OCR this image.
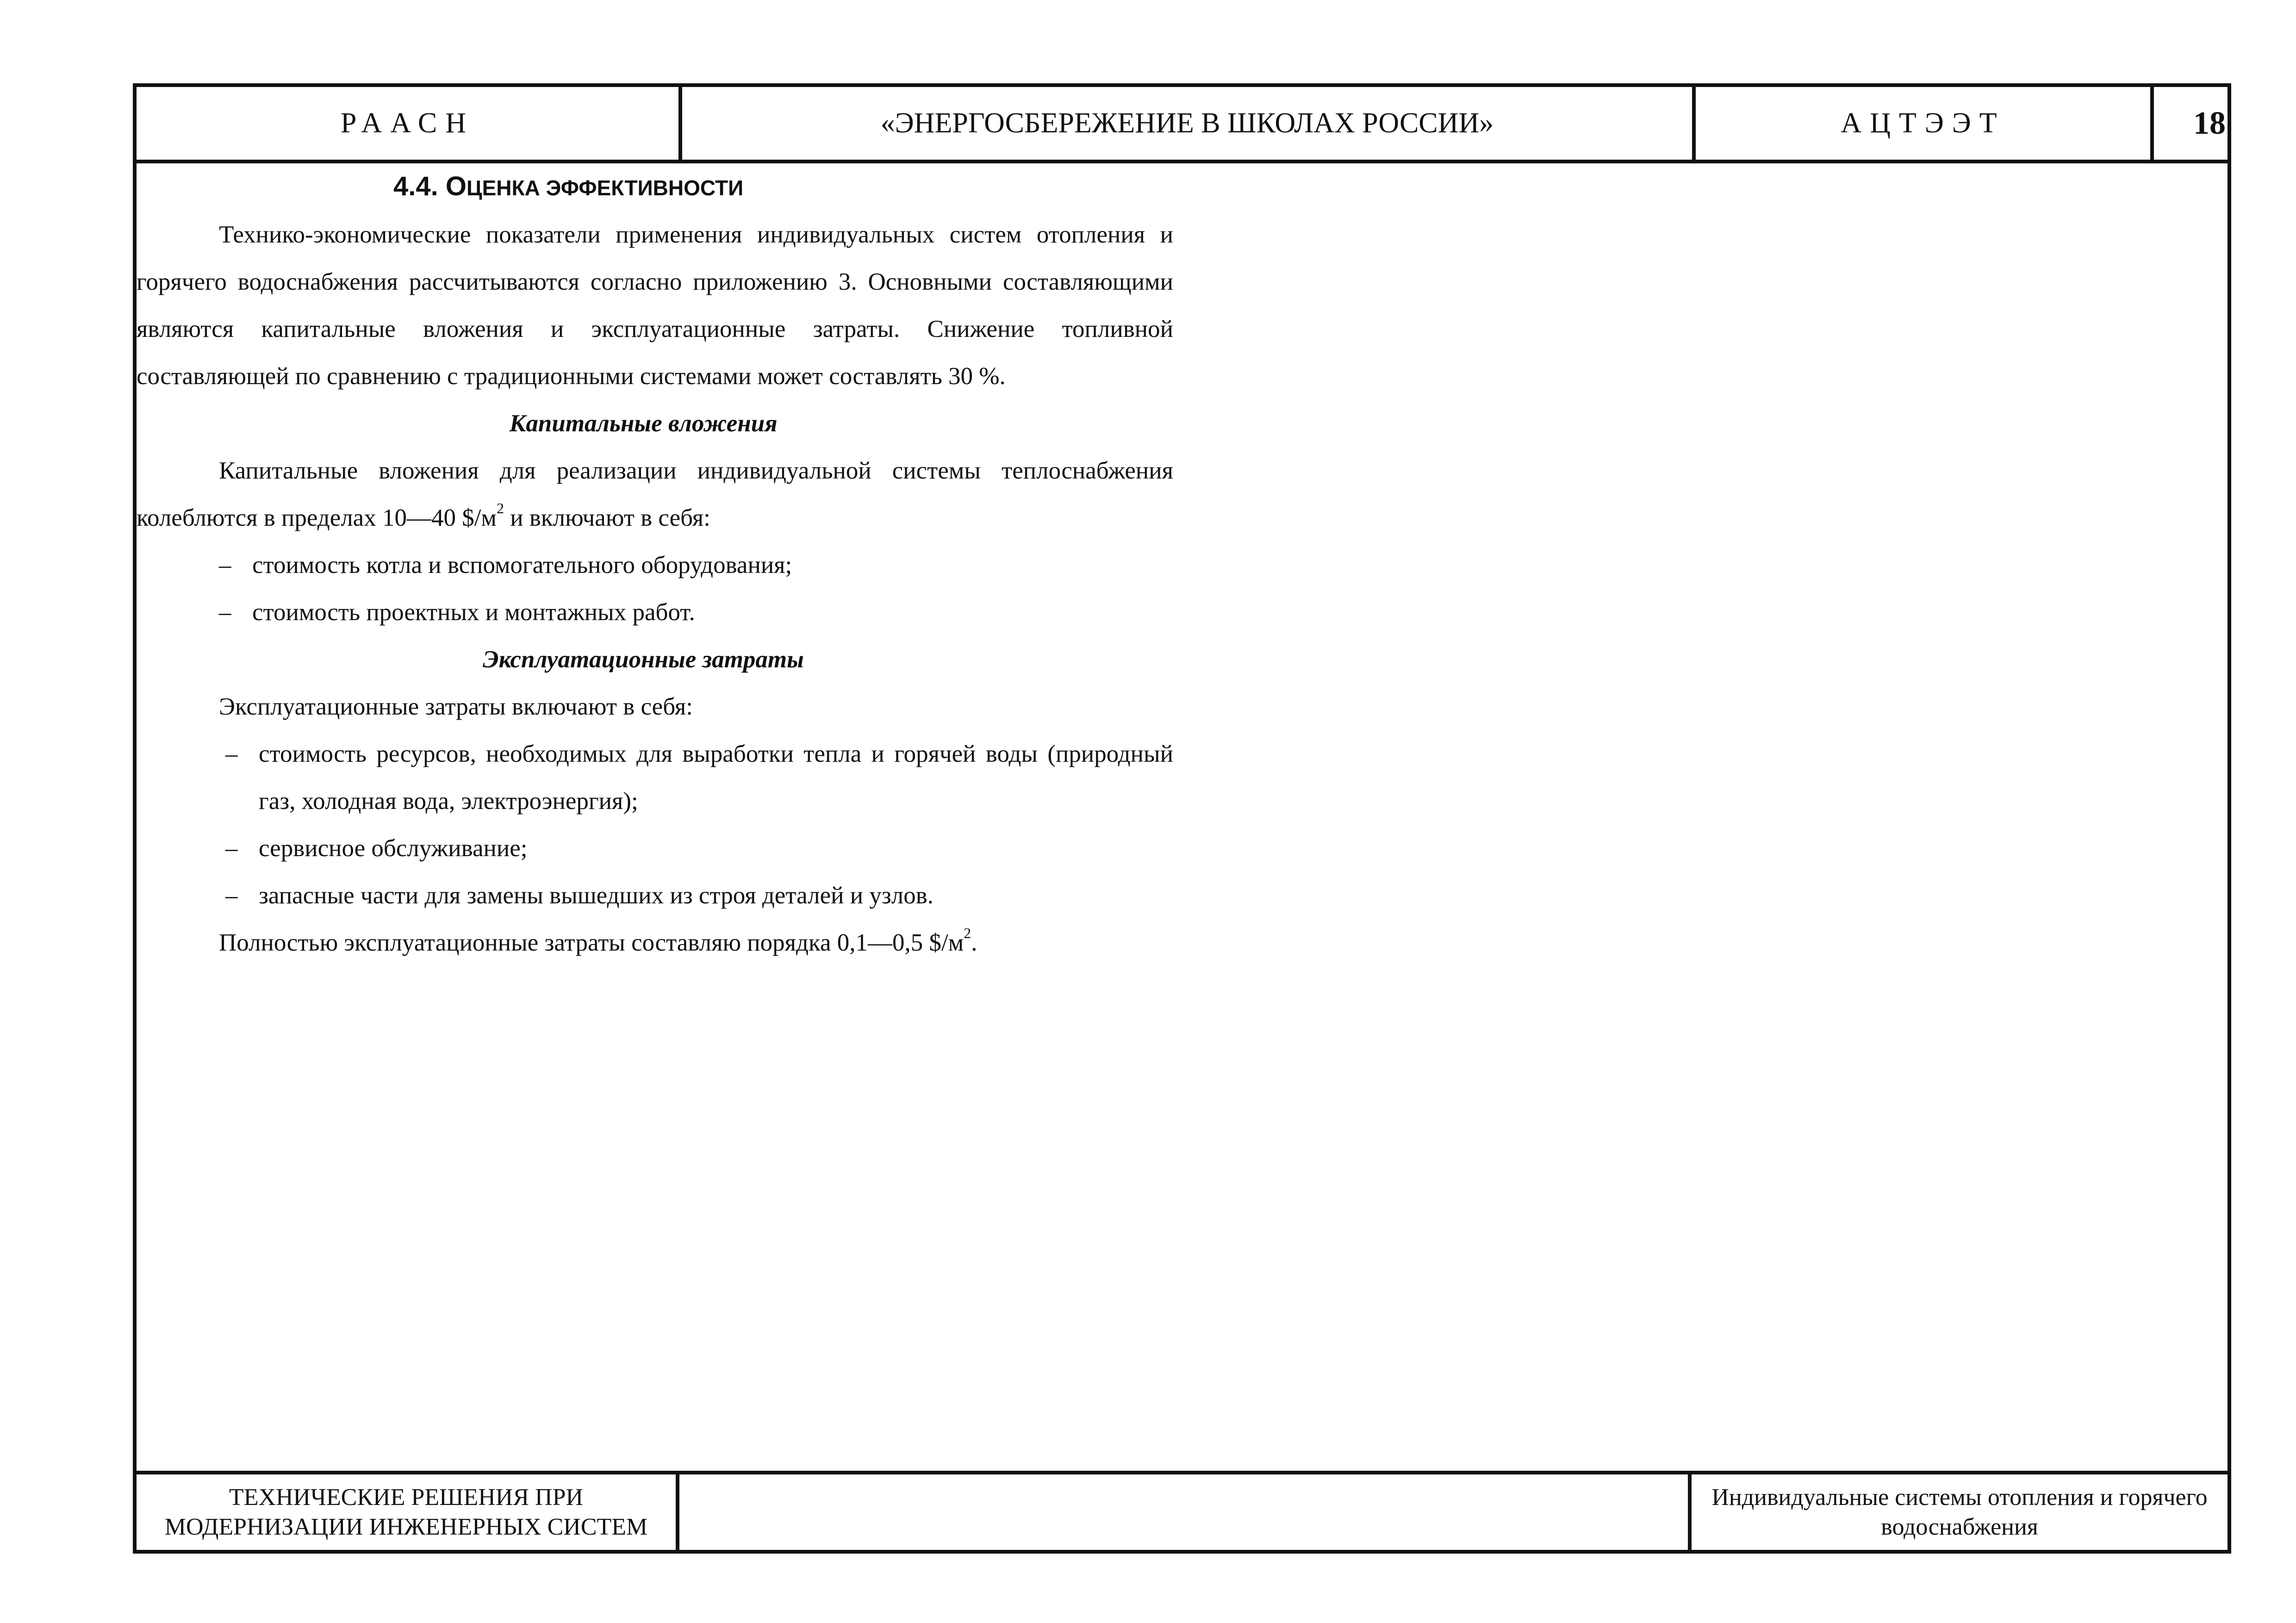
РААСН	«ЭНЕРГОСБЕРЕЖЕНИЕ В ШКОЛАХ РОССИИ»	АЦТЭЭТ	18
4.4. ОЦЕНКА ЭФФЕКТИВНОСТИ

Технико-экономические показатели применения индивидуальных систем отопления и горячего водоснабжения рассчитываются согласно приложению 3. Основными составляющими являются капитальные вложения и эксплуатационные затраты. Снижение топливной составляющей по сравнению с традиционными системами может составлять 30 %.

Капитальные вложения

Капитальные вложения для реализации индивидуальной системы теплоснабжения колеблются в пределах 10—40 $\$/м^2$ и включают в себя:

– стоимость котла и вспомогательного оборудования;
– стоимость проектных и монтажных работ.
Эксплуатационные затраты
Эксплуатационные затраты включают в себя:
– стоимость ресурсов, необходимых для выработки тепла и горячей воды (природный газ, холодная вода, электроэнергия);
– сервисное обслуживание;
– запасные части для замены вышедших из строя деталей и узлов.
Полностью эксплуатационные затраты составляю порядка 0,1—0,5 $\$/м^2$.
ТЕХНИЧЕСКИЕ РЕШЕНИЯ ПРИ МОДЕРНИЗАЦИИ ИНЖЕНЕРНЫХ СИСТЕМ
Индивидуальные системы отопления и горячего водоснабжения
